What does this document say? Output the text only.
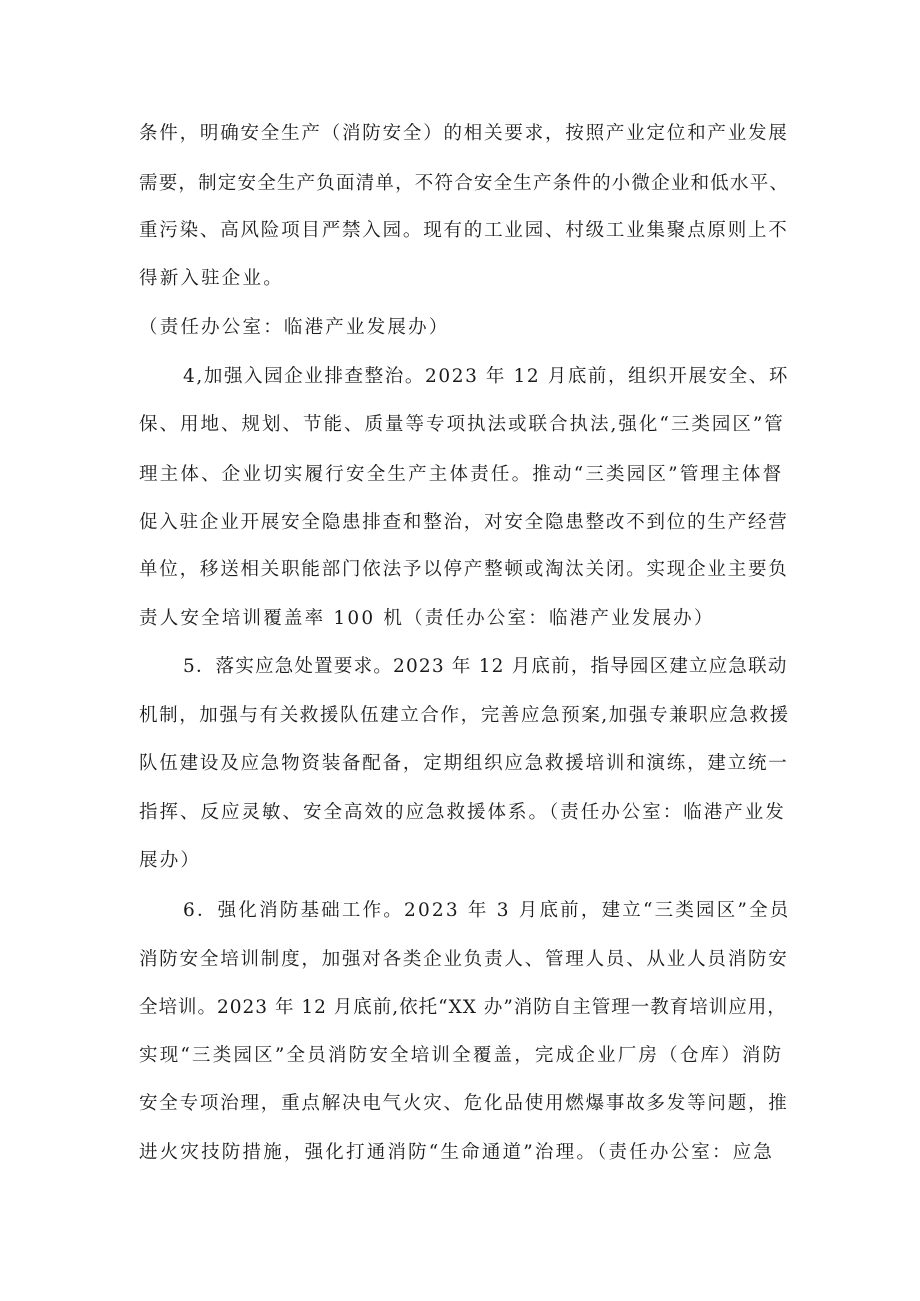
条件，明确安全生产（消防安全）的相关要求，按照产业定位和产业发展
需要，制定安全生产负面清单，不符合安全生产条件的小微企业和低水平、
重污染、高风险项目严禁入园。现有的工业园、村级工业集聚点原则上不
得新入驻企业。
（责任办公室：临港产业发展办）
4,加强入园企业排查整治。2023 年 12 月底前，组织开展安全、环
保、用地、规划、节能、质量等专项执法或联合执法,强化“三类园区”管
理主体、企业切实履行安全生产主体责任。推动“三类园区”管理主体督
促入驻企业开展安全隐患排查和整治，对安全隐患整改不到位的生产经营
单位，移送相关职能部门依法予以停产整顿或淘汰关闭。实现企业主要负
责人安全培训覆盖率 100 机（责任办公室：临港产业发展办）
5．落实应急处置要求。2023 年 12 月底前，指导园区建立应急联动
机制，加强与有关救援队伍建立合作，完善应急预案,加强专兼职应急救援
队伍建设及应急物资装备配备，定期组织应急救援培训和演练，建立统一
指挥、反应灵敏、安全高效的应急救援体系。（责任办公室：临港产业发
展办）
6．强化消防基础工作。2023 年 3 月底前，建立“三类园区”全员
消防安全培训制度，加强对各类企业负责人、管理人员、从业人员消防安
全培训。2023 年 12 月底前,依托“XX 办”消防自主管理一教育培训应用，
实现“三类园区”全员消防安全培训全覆盖，完成企业厂房（仓库）消防
安全专项治理，重点解决电气火灾、危化品使用燃爆事故多发等问题，推
进火灾技防措施，强化打通消防“生命通道”治理。（责任办公室：应急
